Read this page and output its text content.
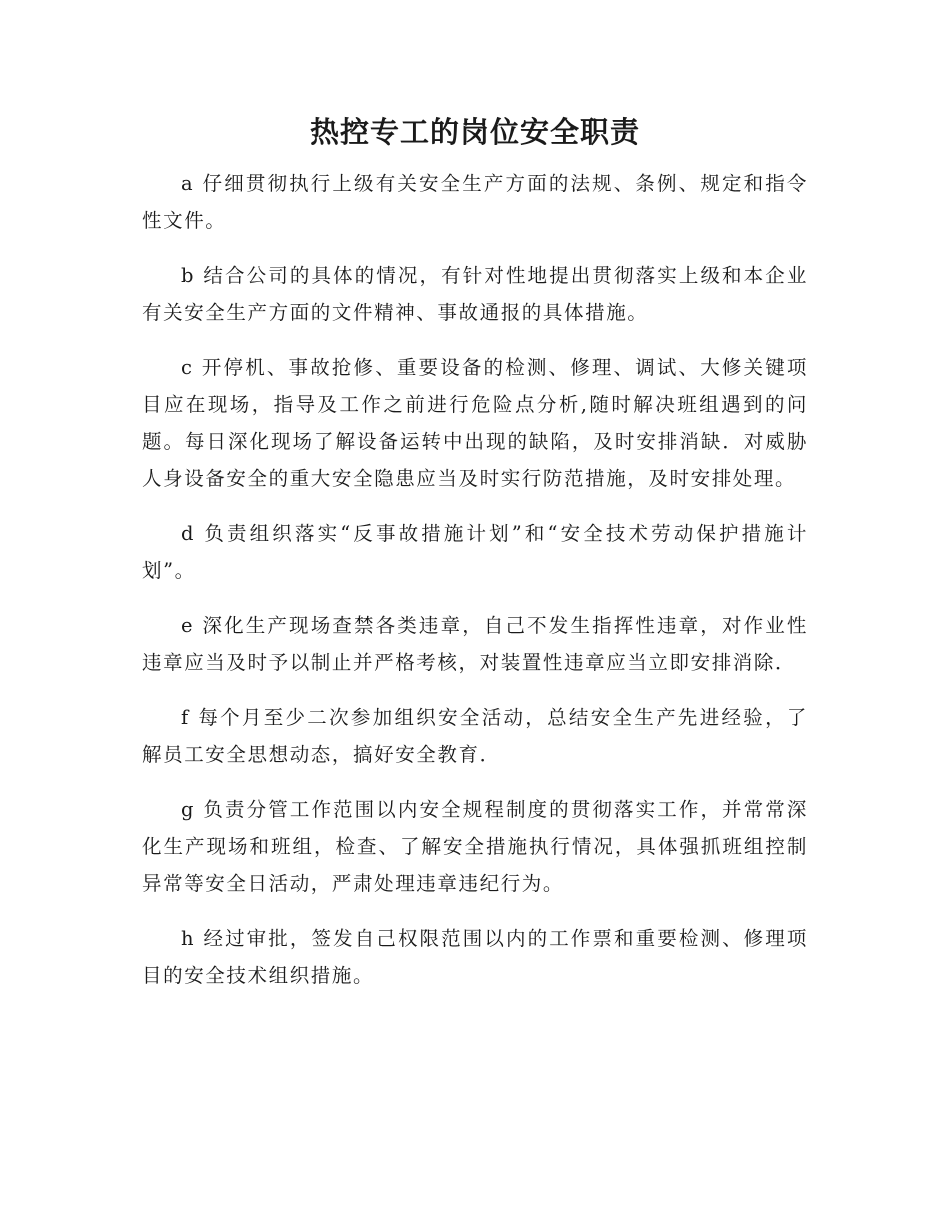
热控专工的岗位安全职责

a 仔细贯彻执行上级有关安全生产方面的法规、条例、规定和指令性文件。

b 结合公司的具体的情况，有针对性地提出贯彻落实上级和本企业有关安全生产方面的文件精神、事故通报的具体措施。

c 开停机、事故抢修、重要设备的检测、修理、调试、大修关键项目应在现场，指导及工作之前进行危险点分析,随时解决班组遇到的问题。每日深化现场了解设备运转中出现的缺陷，及时安排消缺．对威胁人身设备安全的重大安全隐患应当及时实行防范措施，及时安排处理。

d 负责组织落实“反事故措施计划”和“安全技术劳动保护措施计划”。

e 深化生产现场查禁各类违章，自己不发生指挥性违章，对作业性违章应当及时予以制止并严格考核，对装置性违章应当立即安排消除．

f 每个月至少二次参加组织安全活动，总结安全生产先进经验，了解员工安全思想动态，搞好安全教育．

g 负责分管工作范围以内安全规程制度的贯彻落实工作，并常常深化生产现场和班组，检查、了解安全措施执行情况，具体强抓班组控制异常等安全日活动，严肃处理违章违纪行为。

h 经过审批，签发自己权限范围以内的工作票和重要检测、修理项目的安全技术组织措施。
